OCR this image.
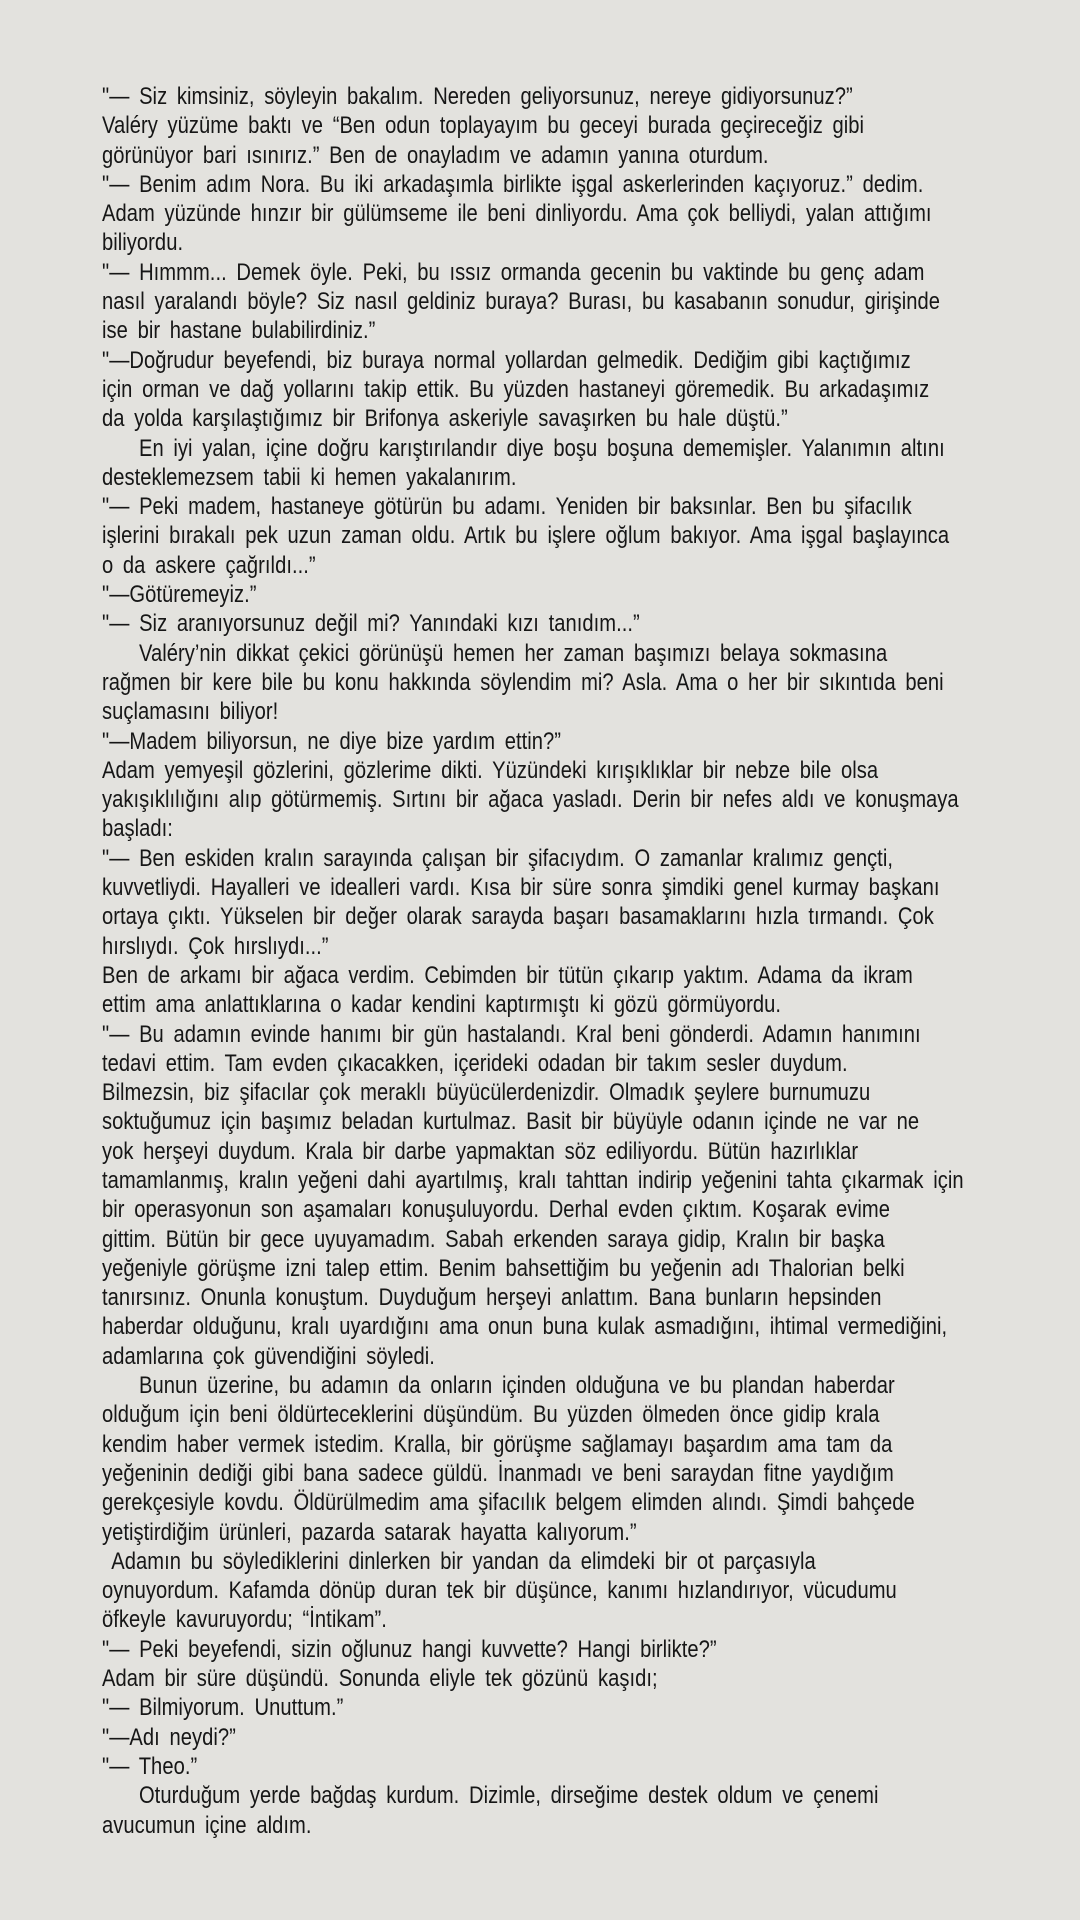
"— Siz kimsiniz, söyleyin bakalım. Nereden geliyorsunuz, nereye gidiyorsunuz?”

Valéry yüzüme baktı ve “Ben odun toplayayım bu geceyi burada geçireceğiz gibi
görünüyor bari ısınırız.” Ben de onayladım ve adamın yanına oturdum.

"— Benim adım Nora. Bu iki arkadaşımla birlikte işgal askerlerinden kaçıyoruz.” dedim.

Adam yüzünde hınzır bir gülümseme ile beni dinliyordu. Ama çok belliydi, yalan attığımı
biliyordu.

"— Hımmm... Demek öyle. Peki, bu ıssız ormanda gecenin bu vaktinde bu genç adam
nasıl yaralandı böyle? Siz nasıl geldiniz buraya? Burası, bu kasabanın sonudur, girişinde
ise bir hastane bulabilirdiniz.”

"—Doğrudur beyefendi, biz buraya normal yollardan gelmedik. Dediğim gibi kaçtığımız
için orman ve dağ yollarını takip ettik. Bu yüzden hastaneyi göremedik. Bu arkadaşımız
da yolda karşılaştığımız bir Brifonya askeriyle savaşırken bu hale düştü.”

En iyi yalan, içine doğru karıştırılandır diye boşu boşuna dememişler. Yalanımın altını
desteklemezsem tabii ki hemen yakalanırım.

"— Peki madem, hastaneye götürün bu adamı. Yeniden bir baksınlar. Ben bu şifacılık
işlerini bırakalı pek uzun zaman oldu. Artık bu işlere oğlum bakıyor. Ama işgal başlayınca
o da askere çağrıldı...”

"—Götüremeyiz.”

"— Siz aranıyorsunuz değil mi? Yanındaki kızı tanıdım...”

Valéry’nin dikkat çekici görünüşü hemen her zaman başımızı belaya sokmasına
rağmen bir kere bile bu konu hakkında söylendim mi? Asla. Ama o her bir sıkıntıda beni
suçlamasını biliyor!

"—Madem biliyorsun, ne diye bize yardım ettin?”

Adam yemyeşil gözlerini, gözlerime dikti. Yüzündeki kırışıklıklar bir nebze bile olsa
yakışıklılığını alıp götürmemiş. Sırtını bir ağaca yasladı. Derin bir nefes aldı ve konuşmaya
başladı:

"— Ben eskiden kralın sarayında çalışan bir şifacıydım. O zamanlar kralımız gençti,
kuvvetliydi. Hayalleri ve idealleri vardı. Kısa bir süre sonra şimdiki genel kurmay başkanı
ortaya çıktı. Yükselen bir değer olarak sarayda başarı basamaklarını hızla tırmandı. Çok
hırslıydı. Çok hırslıydı...”

Ben de arkamı bir ağaca verdim. Cebimden bir tütün çıkarıp yaktım. Adama da ikram
ettim ama anlattıklarına o kadar kendini kaptırmıştı ki gözü görmüyordu.

"— Bu adamın evinde hanımı bir gün hastalandı. Kral beni gönderdi. Adamın hanımını
tedavi ettim. Tam evden çıkacakken, içerideki odadan bir takım sesler duydum.
Bilmezsin, biz şifacılar çok meraklı büyücülerdenizdir. Olmadık şeylere burnumuzu
soktuğumuz için başımız beladan kurtulmaz. Basit bir büyüyle odanın içinde ne var ne
yok herşeyi duydum. Krala bir darbe yapmaktan söz ediliyordu. Bütün hazırlıklar
tamamlanmış, kralın yeğeni dahi ayartılmış, kralı tahttan indirip yeğenini tahta çıkarmak için
bir operasyonun son aşamaları konuşuluyordu. Derhal evden çıktım. Koşarak evime
gittim. Bütün bir gece uyuyamadım. Sabah erkenden saraya gidip, Kralın bir başka
yeğeniyle görüşme izni talep ettim. Benim bahsettiğim bu yeğenin adı Thalorian belki
tanırsınız. Onunla konuştum. Duyduğum herşeyi anlattım. Bana bunların hepsinden
haberdar olduğunu, kralı uyardığını ama onun buna kulak asmadığını, ihtimal vermediğini,
adamlarına çok güvendiğini söyledi.

Bunun üzerine, bu adamın da onların içinden olduğuna ve bu plandan haberdar
olduğum için beni öldürteceklerini düşündüm. Bu yüzden ölmeden önce gidip krala
kendim haber vermek istedim. Kralla, bir görüşme sağlamayı başardım ama tam da
yeğeninin dediği gibi bana sadece güldü. İnanmadı ve beni saraydan fitne yaydığım
gerekçesiyle kovdu. Öldürülmedim ama şifacılık belgem elimden alındı. Şimdi bahçede
yetiştirdiğim ürünleri, pazarda satarak hayatta kalıyorum.”

Adamın bu söylediklerini dinlerken bir yandan da elimdeki bir ot parçasıyla
oynuyordum. Kafamda dönüp duran tek bir düşünce, kanımı hızlandırıyor, vücudumu
öfkeyle kavuruyordu; “İntikam”.

"— Peki beyefendi, sizin oğlunuz hangi kuvvette? Hangi birlikte?”

Adam bir süre düşündü. Sonunda eliyle tek gözünü kaşıdı;

"— Bilmiyorum. Unuttum.”

"—Adı neydi?”

"— Theo.”

Oturduğum yerde bağdaş kurdum. Dizimle, dirseğime destek oldum ve çenemi
avucumun içine aldım.
